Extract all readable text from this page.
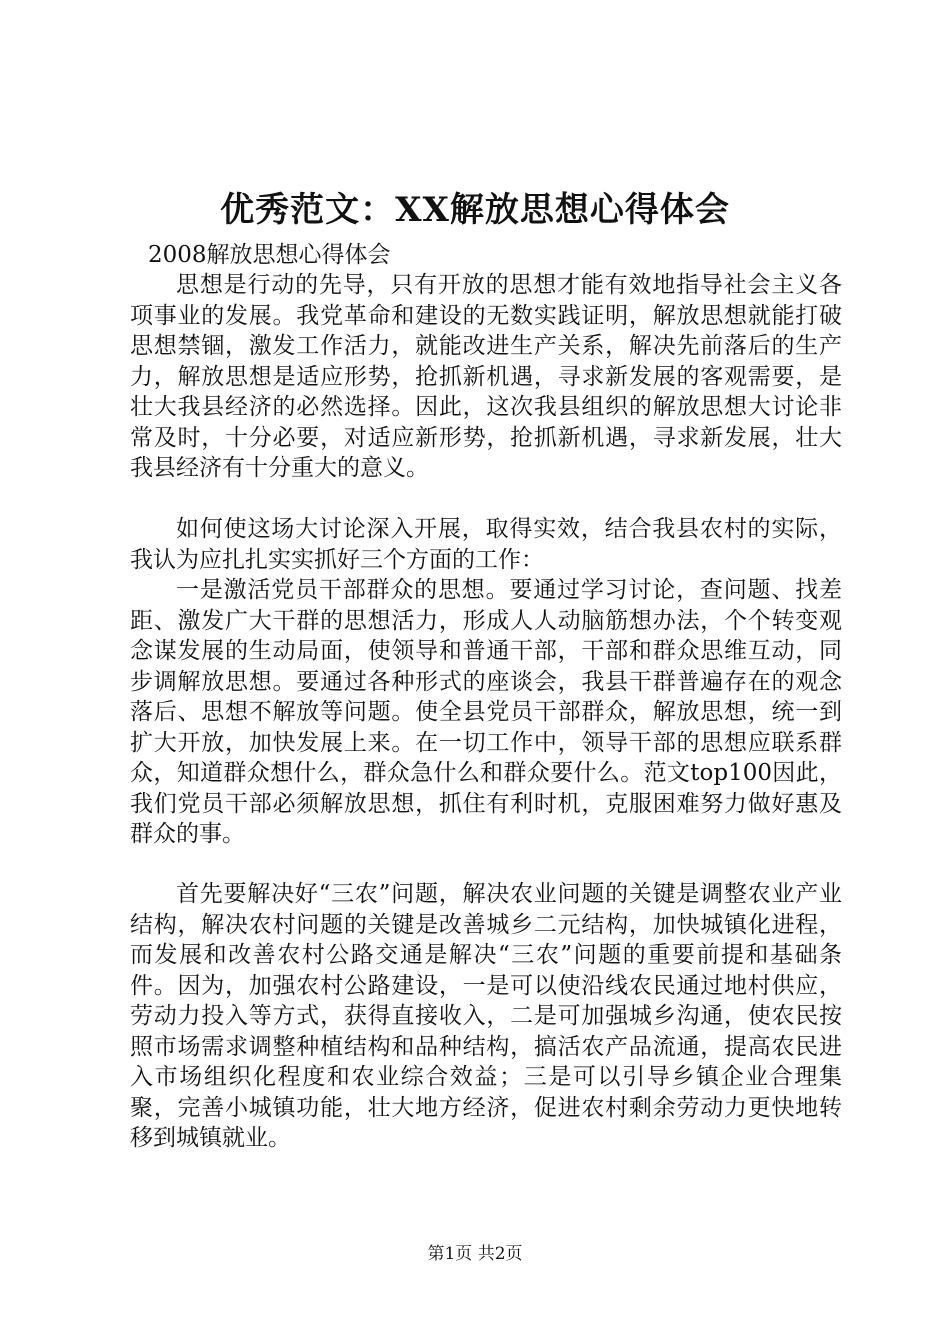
优秀范文：XX解放思想心得体会

2008解放思想心得体会

思想是行动的先导，只有开放的思想才能有效地指导社会主义各项事业的发展。我党革命和建设的无数实践证明，解放思想就能打破思想禁锢，激发工作活力，就能改进生产关系，解决先前落后的生产力，解放思想是适应形势，抢抓新机遇，寻求新发展的客观需要，是壮大我县经济的必然选择。因此，这次我县组织的解放思想大讨论非常及时，十分必要，对适应新形势，抢抓新机遇，寻求新发展，壮大我县经济有十分重大的意义。

如何使这场大讨论深入开展，取得实效，结合我县农村的实际，我认为应扎扎实实抓好三个方面的工作：

一是激活党员干部群众的思想。要通过学习讨论，查问题、找差距、激发广大干群的思想活力，形成人人动脑筋想办法，个个转变观念谋发展的生动局面，使领导和普通干部，干部和群众思维互动，同步调解放思想。要通过各种形式的座谈会，我县干群普遍存在的观念落后、思想不解放等问题。使全县党员干部群众，解放思想，统一到扩大开放，加快发展上来。在一切工作中，领导干部的思想应联系群众，知道群众想什么，群众急什么和群众要什么。范文top100因此，我们党员干部必须解放思想，抓住有利时机，克服困难努力做好惠及群众的事。

首先要解决好“三农”问题，解决农业问题的关键是调整农业产业结构，解决农村问题的关键是改善城乡二元结构，加快城镇化进程，而发展和改善农村公路交通是解决“三农”问题的重要前提和基础条件。因为，加强农村公路建设，一是可以使沿线农民通过地村供应，劳动力投入等方式，获得直接收入，二是可加强城乡沟通，使农民按照市场需求调整种植结构和品种结构，搞活农产品流通，提高农民进入市场组织化程度和农业综合效益；三是可以引导乡镇企业合理集聚，完善小城镇功能，壮大地方经济，促进农村剩余劳动力更快地转移到城镇就业。

第1页 共2页
